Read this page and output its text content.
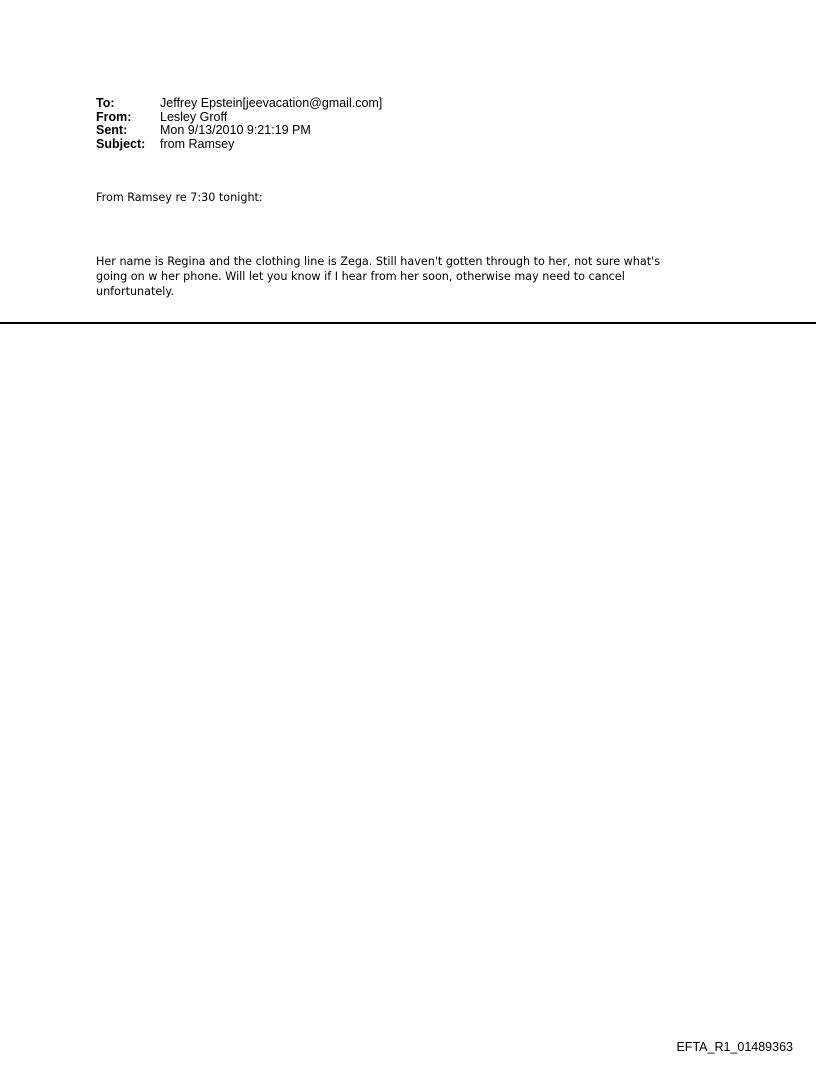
To:	Jeffrey Epstein[jeevacation@gmail.com]
From:	Lesley Groff
Sent:	Mon 9/13/2010 9:21:19 PM
Subject:	from Ramsey
From Ramsey re 7:30 tonight:
Her name is Regina and the clothing line is Zega. Still haven't gotten through to her, not sure what's
going on w her phone. Will let you know if I hear from her soon, otherwise may need to cancel
unfortunately.
EFTA_R1_01489363
